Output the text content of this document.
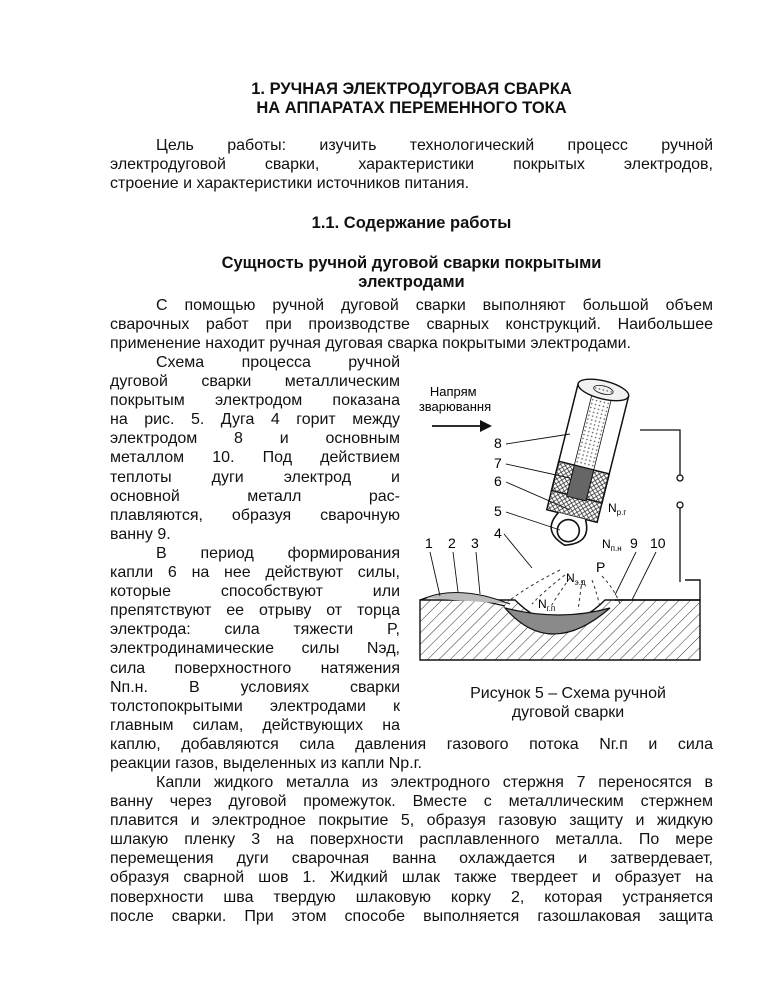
1. РУЧНАЯ ЭЛЕКТРОДУГОВАЯ СВАРКА
НА АППАРАТАХ ПЕРЕМЕННОГО ТОКА
Цель работы: изучить технологический процесс ручной
электродуговой сварки, характеристики покрытых электродов,
строение и характеристики источников питания.
1.1. Содержание работы
Сущность ручной дуговой сварки покрытыми
электродами
С помощью ручной дуговой сварки выполняют большой объем
сварочных работ при производстве сварных конструкций. Наибольшее
применение находит ручная дуговая сварка покрытыми электродами.
Схема процесса ручной
дуговой сварки металлическим
покрытым электродом показана
на рис. 5. Дуга 4 горит между
электродом 8 и основным
металлом 10. Под действием
теплоты дуги электрод и
основной металл рас-
плавляются, образуя сварочную
ванну 9.
В период формирования
капли 6 на нее действуют силы,
которые способствуют или
препятствуют ее отрыву от торца
электрода: сила тяжести P,
электродинамические силы Nэд,
сила поверхностного натяжения
Nп.н. В условиях сварки
толстопокрытыми электродами к
главным силам, действующих на
каплю, добавляются сила давления газового потока Nг.п и сила
реакции газов, выделенных из капли Nр.г.
Капли жидкого металла из электродного стержня 7 переносятся в
ванну через дуговой промежуток. Вместе с металлическим стержнем
плавится и электродное покрытие 5, образуя газовую защиту и жидкую
шлакую пленку 3 на поверхности расплавленного металла. По мере
перемещения дуги сварочная ванна охлаждается и затвердевает,
образуя сварной шов 1. Жидкий шлак также твердеет и образует на
поверхности шва твердую шлаковую корку 2, которая устраняется
после сварки. При этом способе выполняется газошлаковая защита
Напрям зварювання
1 2 3
4
5
6
7
8
9 10
$N_{р.г}$
$N_{п.н}$
P
$N_{э.д}$
$N_{г.п}$
Рисунок 5 – Схема ручной
дуговой сварки
